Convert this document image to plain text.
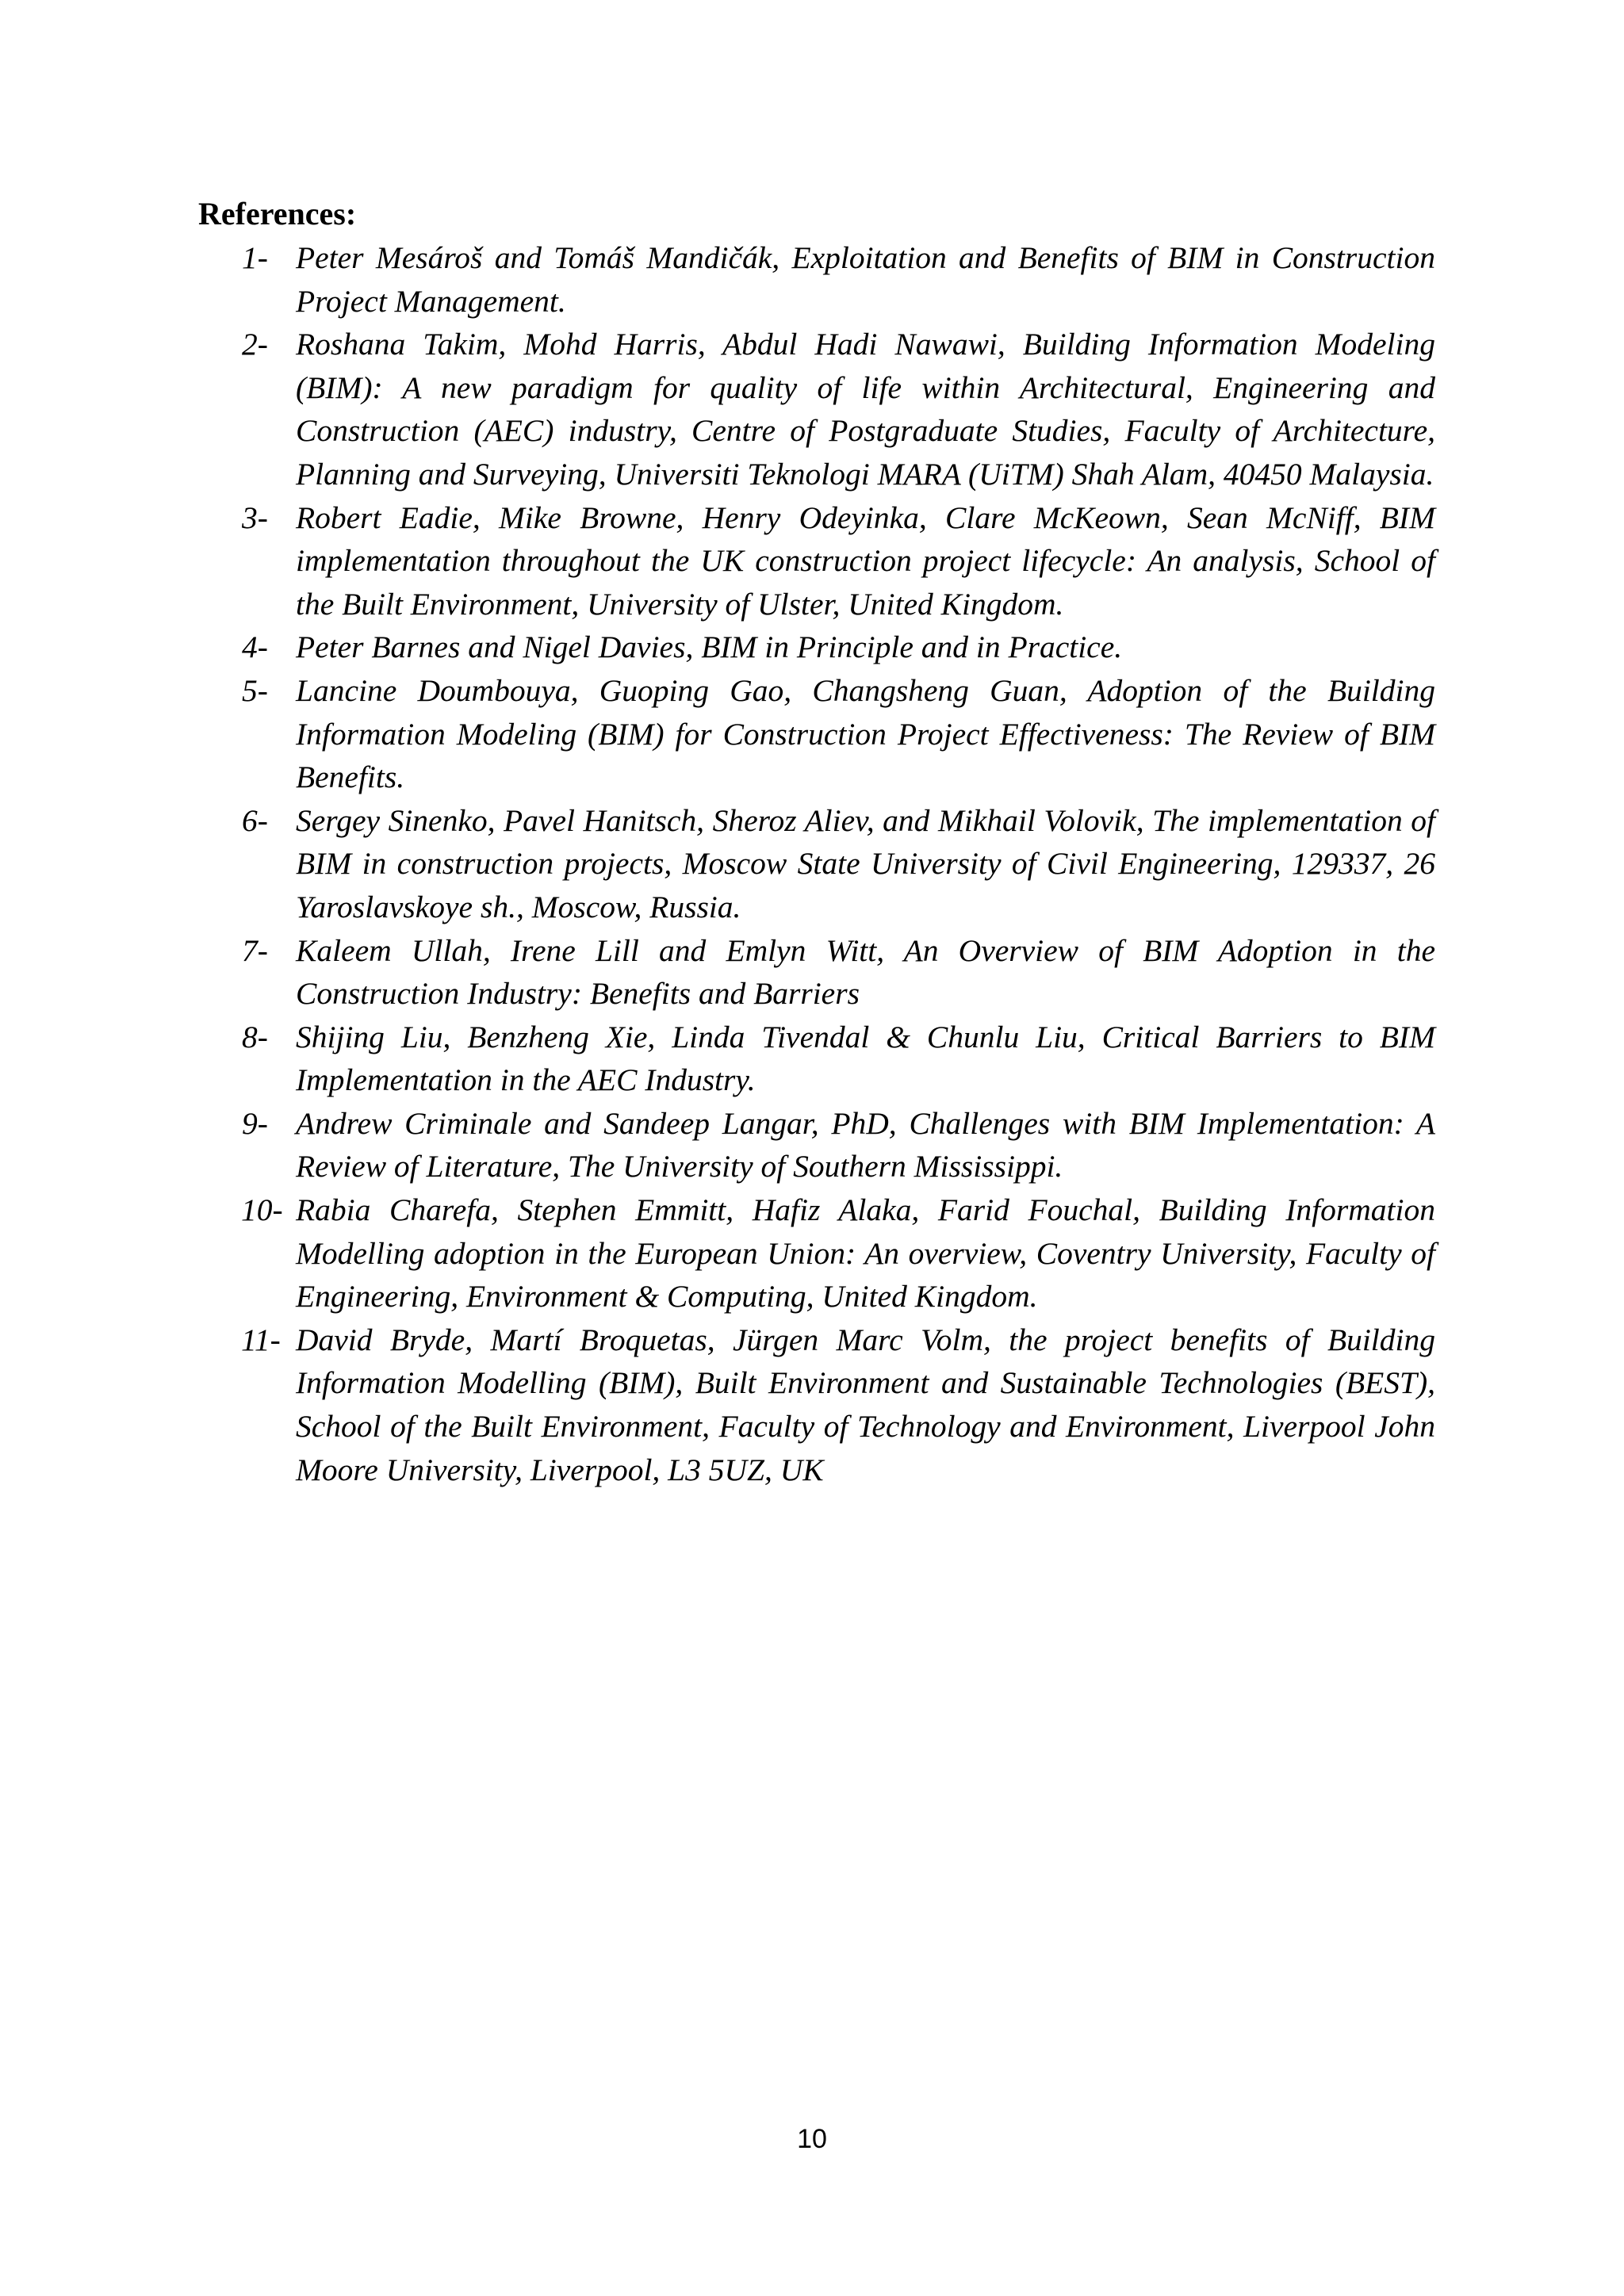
References:
1- Peter Mesároš and Tomáš Mandičák, Exploitation and Benefits of BIM in Construction Project Management.
2- Roshana Takim, Mohd Harris, Abdul Hadi Nawawi, Building Information Modeling (BIM): A new paradigm for quality of life within Architectural, Engineering and Construction (AEC) industry, Centre of Postgraduate Studies, Faculty of Architecture, Planning and Surveying, Universiti Teknologi MARA (UiTM) Shah Alam, 40450 Malaysia.
3- Robert Eadie, Mike Browne, Henry Odeyinka, Clare McKeown, Sean McNiff, BIM implementation throughout the UK construction project lifecycle: An analysis, School of the Built Environment, University of Ulster, United Kingdom.
4- Peter Barnes and Nigel Davies, BIM in Principle and in Practice.
5- Lancine Doumbouya, Guoping Gao, Changsheng Guan, Adoption of the Building Information Modeling (BIM) for Construction Project Effectiveness: The Review of BIM Benefits.
6- Sergey Sinenko, Pavel Hanitsch, Sheroz Aliev, and Mikhail Volovik, The implementation of BIM in construction projects, Moscow State University of Civil Engineering, 129337, 26 Yaroslavskoye sh., Moscow, Russia.
7- Kaleem Ullah, Irene Lill and Emlyn Witt, An Overview of BIM Adoption in the Construction Industry: Benefits and Barriers
8- Shijing Liu, Benzheng Xie, Linda Tivendal & Chunlu Liu, Critical Barriers to BIM Implementation in the AEC Industry.
9- Andrew Criminale and Sandeep Langar, PhD, Challenges with BIM Implementation: A Review of Literature, The University of Southern Mississippi.
10- Rabia Charefa, Stephen Emmitt, Hafiz Alaka, Farid Fouchal, Building Information Modelling adoption in the European Union: An overview, Coventry University, Faculty of Engineering, Environment & Computing, United Kingdom.
11- David Bryde, Martí Broquetas, Jürgen Marc Volm, the project benefits of Building Information Modelling (BIM), Built Environment and Sustainable Technologies (BEST), School of the Built Environment, Faculty of Technology and Environment, Liverpool John Moore University, Liverpool, L3 5UZ, UK
10
